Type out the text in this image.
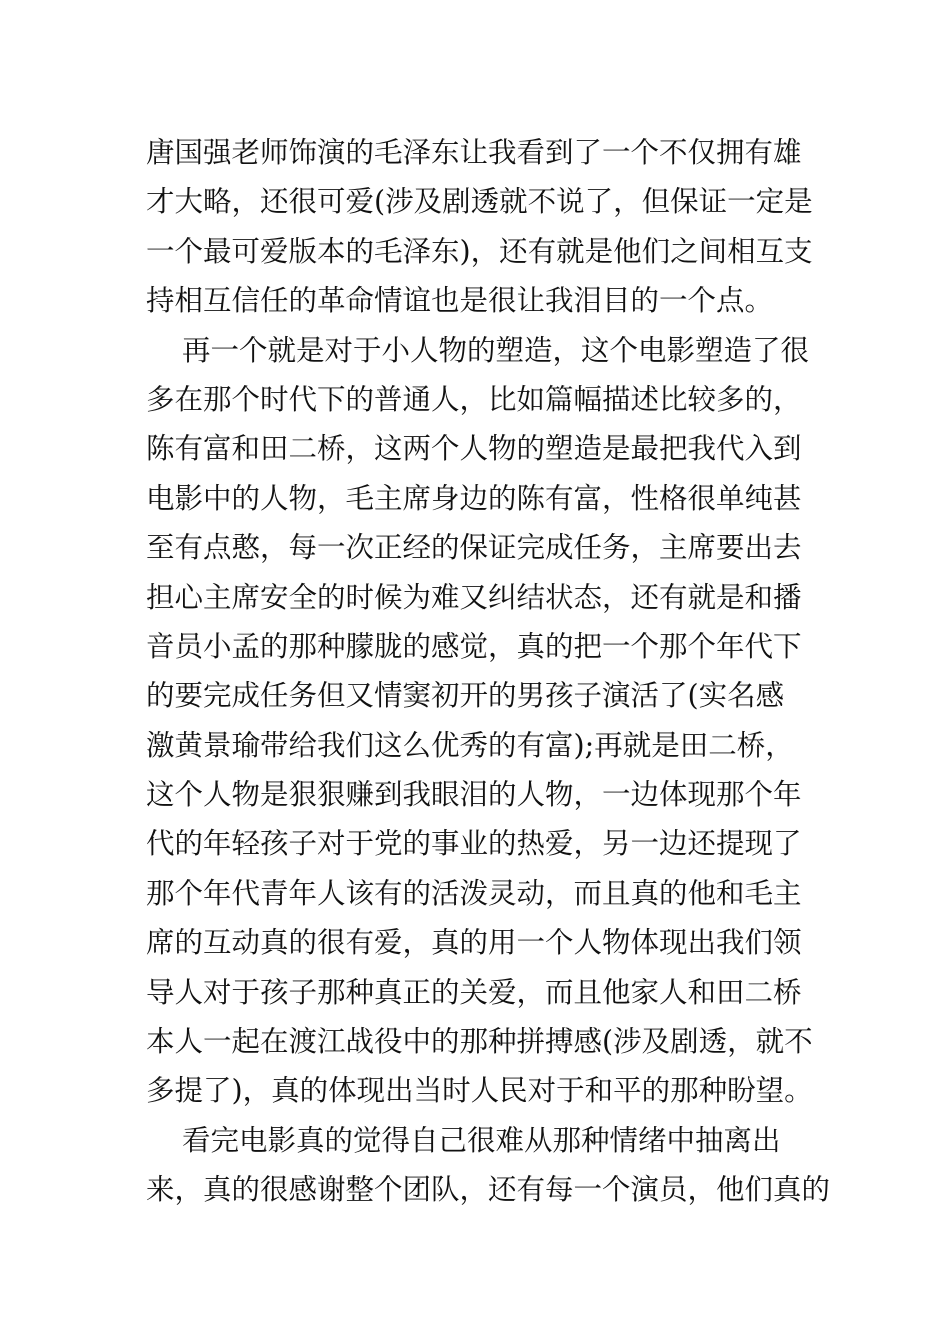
唐国强老师饰演的毛泽东让我看到了一个不仅拥有雄
才大略，还很可爱(涉及剧透就不说了，但保证一定是
一个最可爱版本的毛泽东)，还有就是他们之间相互支
持相互信任的革命情谊也是很让我泪目的一个点。
再一个就是对于小人物的塑造，这个电影塑造了很
多在那个时代下的普通人，比如篇幅描述比较多的，
陈有富和田二桥，这两个人物的塑造是最把我代入到
电影中的人物，毛主席身边的陈有富，性格很单纯甚
至有点憨，每一次正经的保证完成任务，主席要出去
担心主席安全的时候为难又纠结状态，还有就是和播
音员小孟的那种朦胧的感觉，真的把一个那个年代下
的要完成任务但又情窦初开的男孩子演活了(实名感
激黄景瑜带给我们这么优秀的有富);再就是田二桥，
这个人物是狠狠赚到我眼泪的人物，一边体现那个年
代的年轻孩子对于党的事业的热爱，另一边还提现了
那个年代青年人该有的活泼灵动，而且真的他和毛主
席的互动真的很有爱，真的用一个人物体现出我们领
导人对于孩子那种真正的关爱，而且他家人和田二桥
本人一起在渡江战役中的那种拼搏感(涉及剧透，就不
多提了)，真的体现出当时人民对于和平的那种盼望。
看完电影真的觉得自己很难从那种情绪中抽离出
来，真的很感谢整个团队，还有每一个演员，他们真的
